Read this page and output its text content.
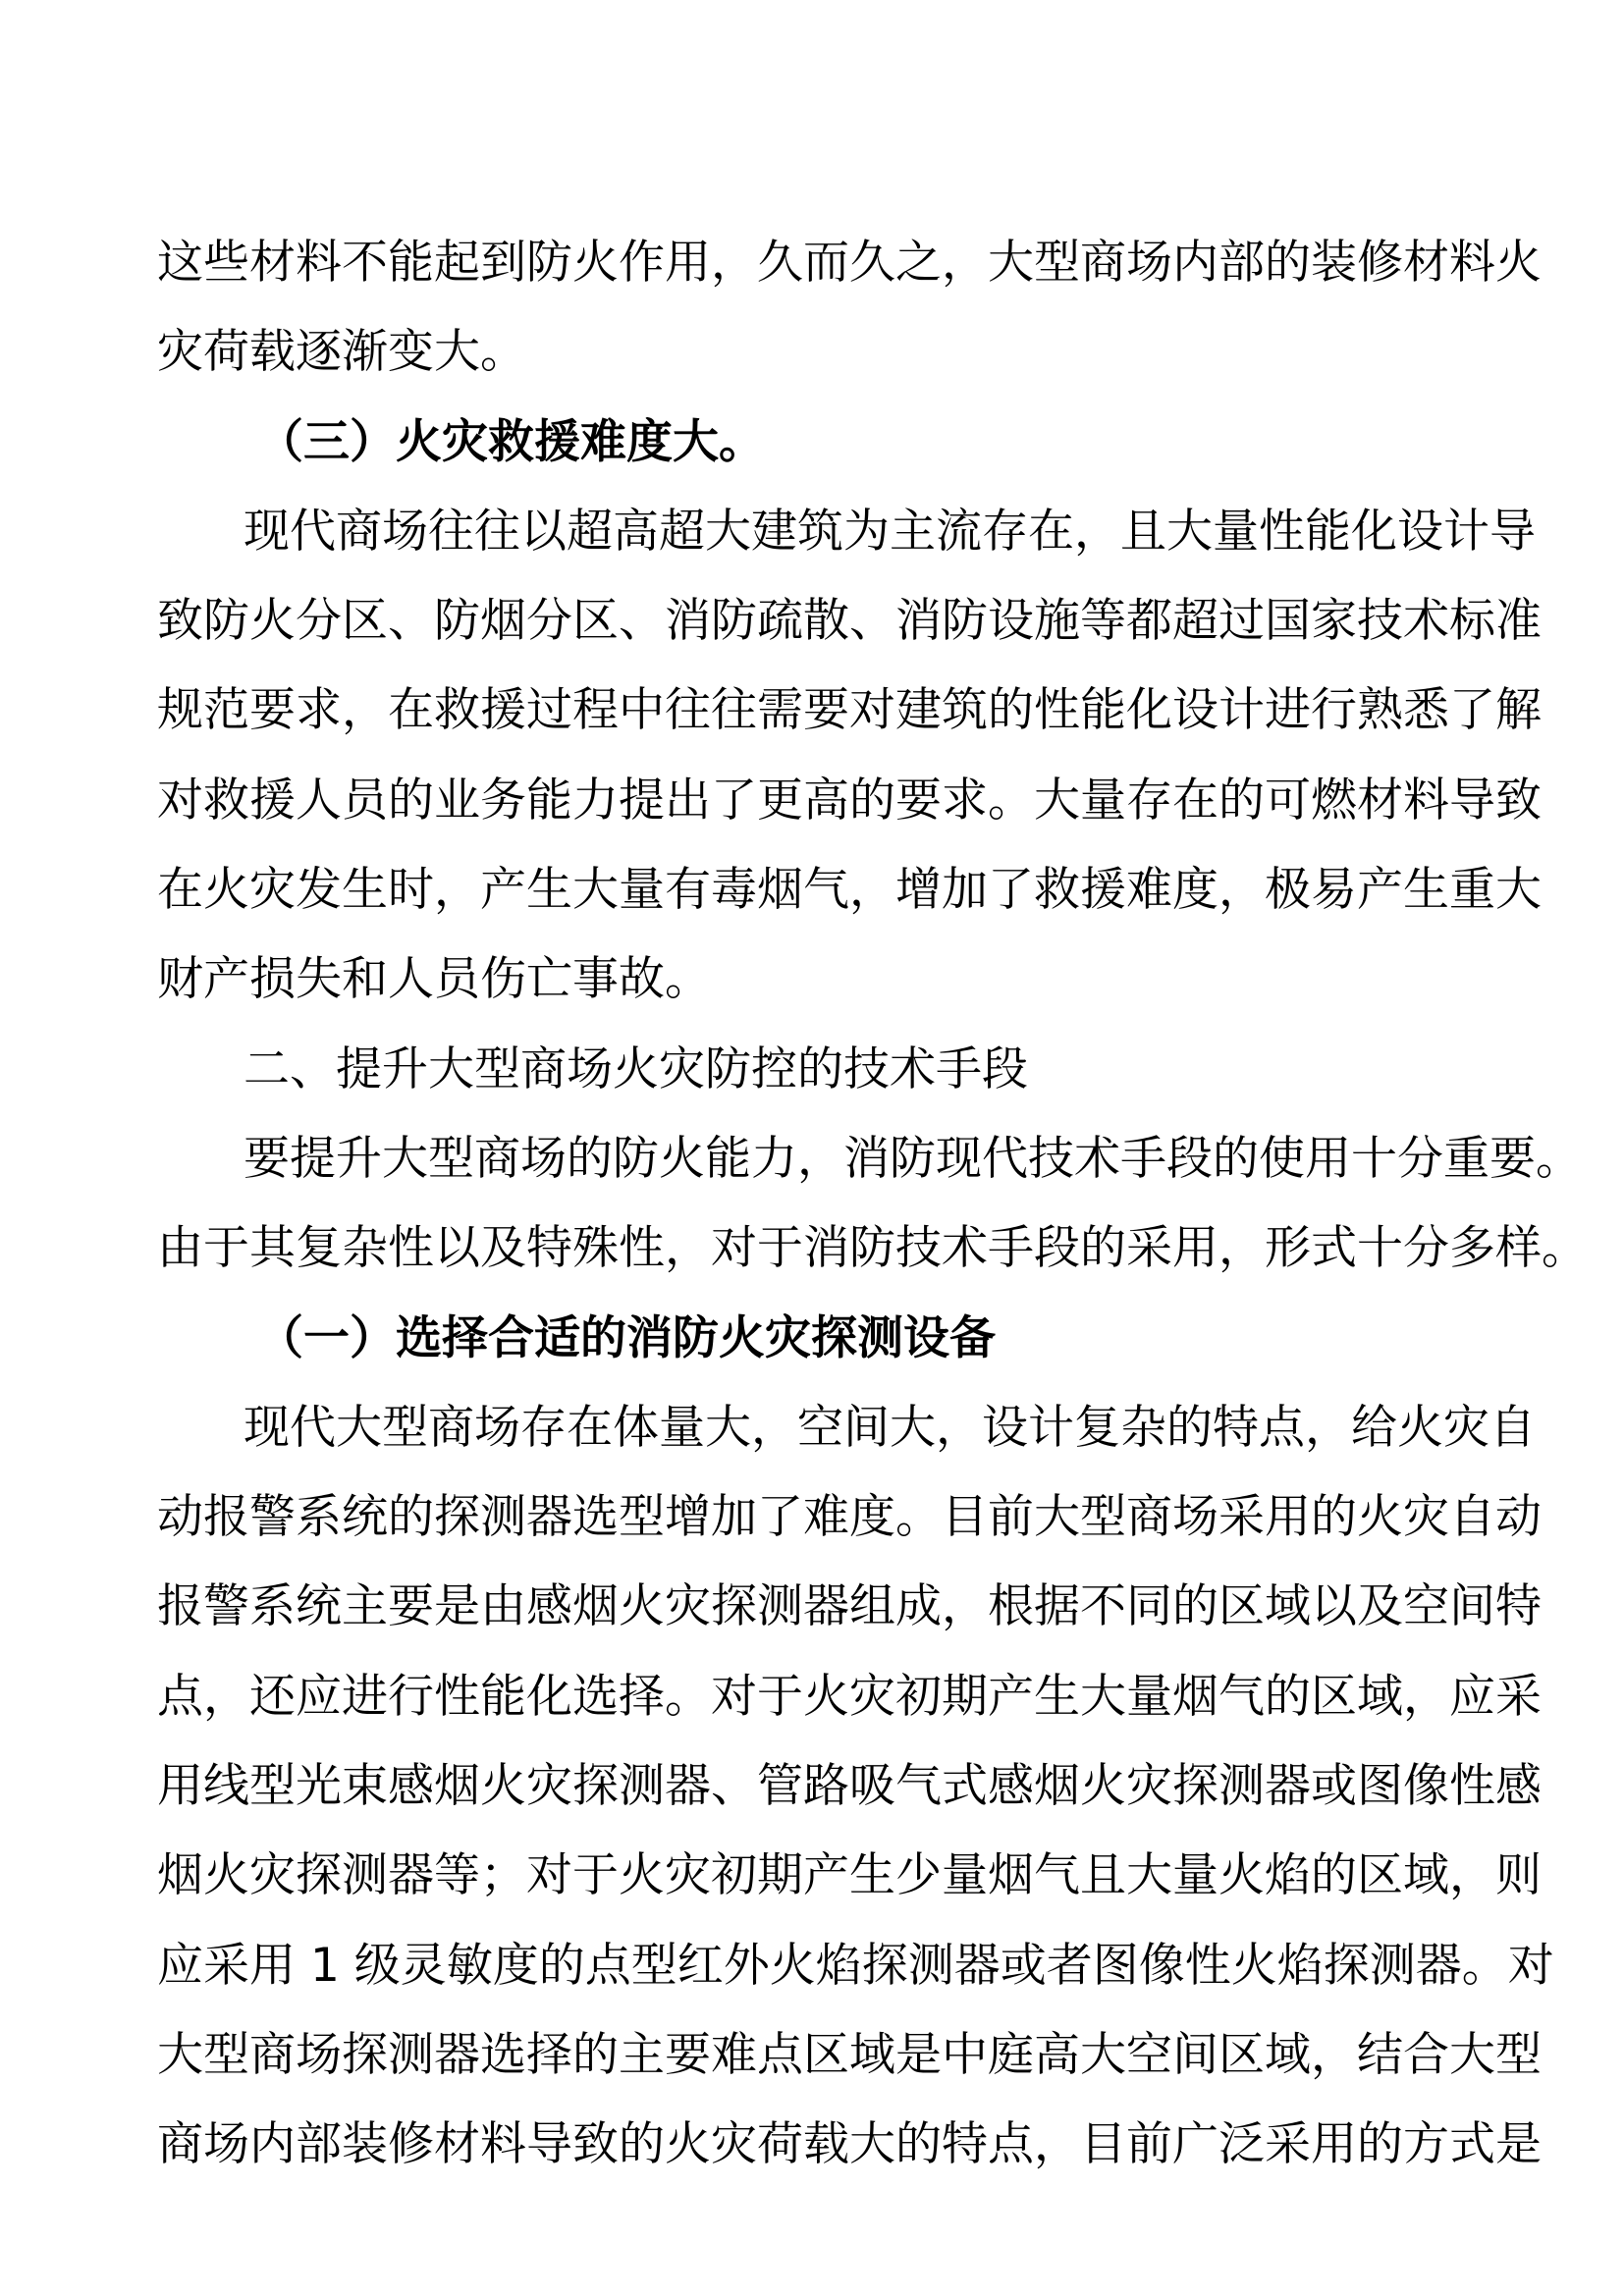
这些材料不能起到防火作用，久而久之，大型商场内部的装修材料火
灾荷载逐渐变大。
（三）火灾救援难度大。
现代商场往往以超高超大建筑为主流存在，且大量性能化设计导
致防火分区、防烟分区、消防疏散、消防设施等都超过国家技术标准
规范要求，在救援过程中往往需要对建筑的性能化设计进行熟悉了解
对救援人员的业务能力提出了更高的要求。大量存在的可燃材料导致
在火灾发生时，产生大量有毒烟气，增加了救援难度，极易产生重大
财产损失和人员伤亡事故。
二、提升大型商场火灾防控的技术手段
要提升大型商场的防火能力，消防现代技术手段的使用十分重要。
由于其复杂性以及特殊性，对于消防技术手段的采用，形式十分多样。
（一）选择合适的消防火灾探测设备
现代大型商场存在体量大，空间大，设计复杂的特点，给火灾自
动报警系统的探测器选型增加了难度。目前大型商场采用的火灾自动
报警系统主要是由感烟火灾探测器组成，根据不同的区域以及空间特
点，还应进行性能化选择。对于火灾初期产生大量烟气的区域，应采
用线型光束感烟火灾探测器、管路吸气式感烟火灾探测器或图像性感
烟火灾探测器等；对于火灾初期产生少量烟气且大量火焰的区域，则
应采用 1 级灵敏度的点型红外火焰探测器或者图像性火焰探测器。对
大型商场探测器选择的主要难点区域是中庭高大空间区域，结合大型
商场内部装修材料导致的火灾荷载大的特点，目前广泛采用的方式是
